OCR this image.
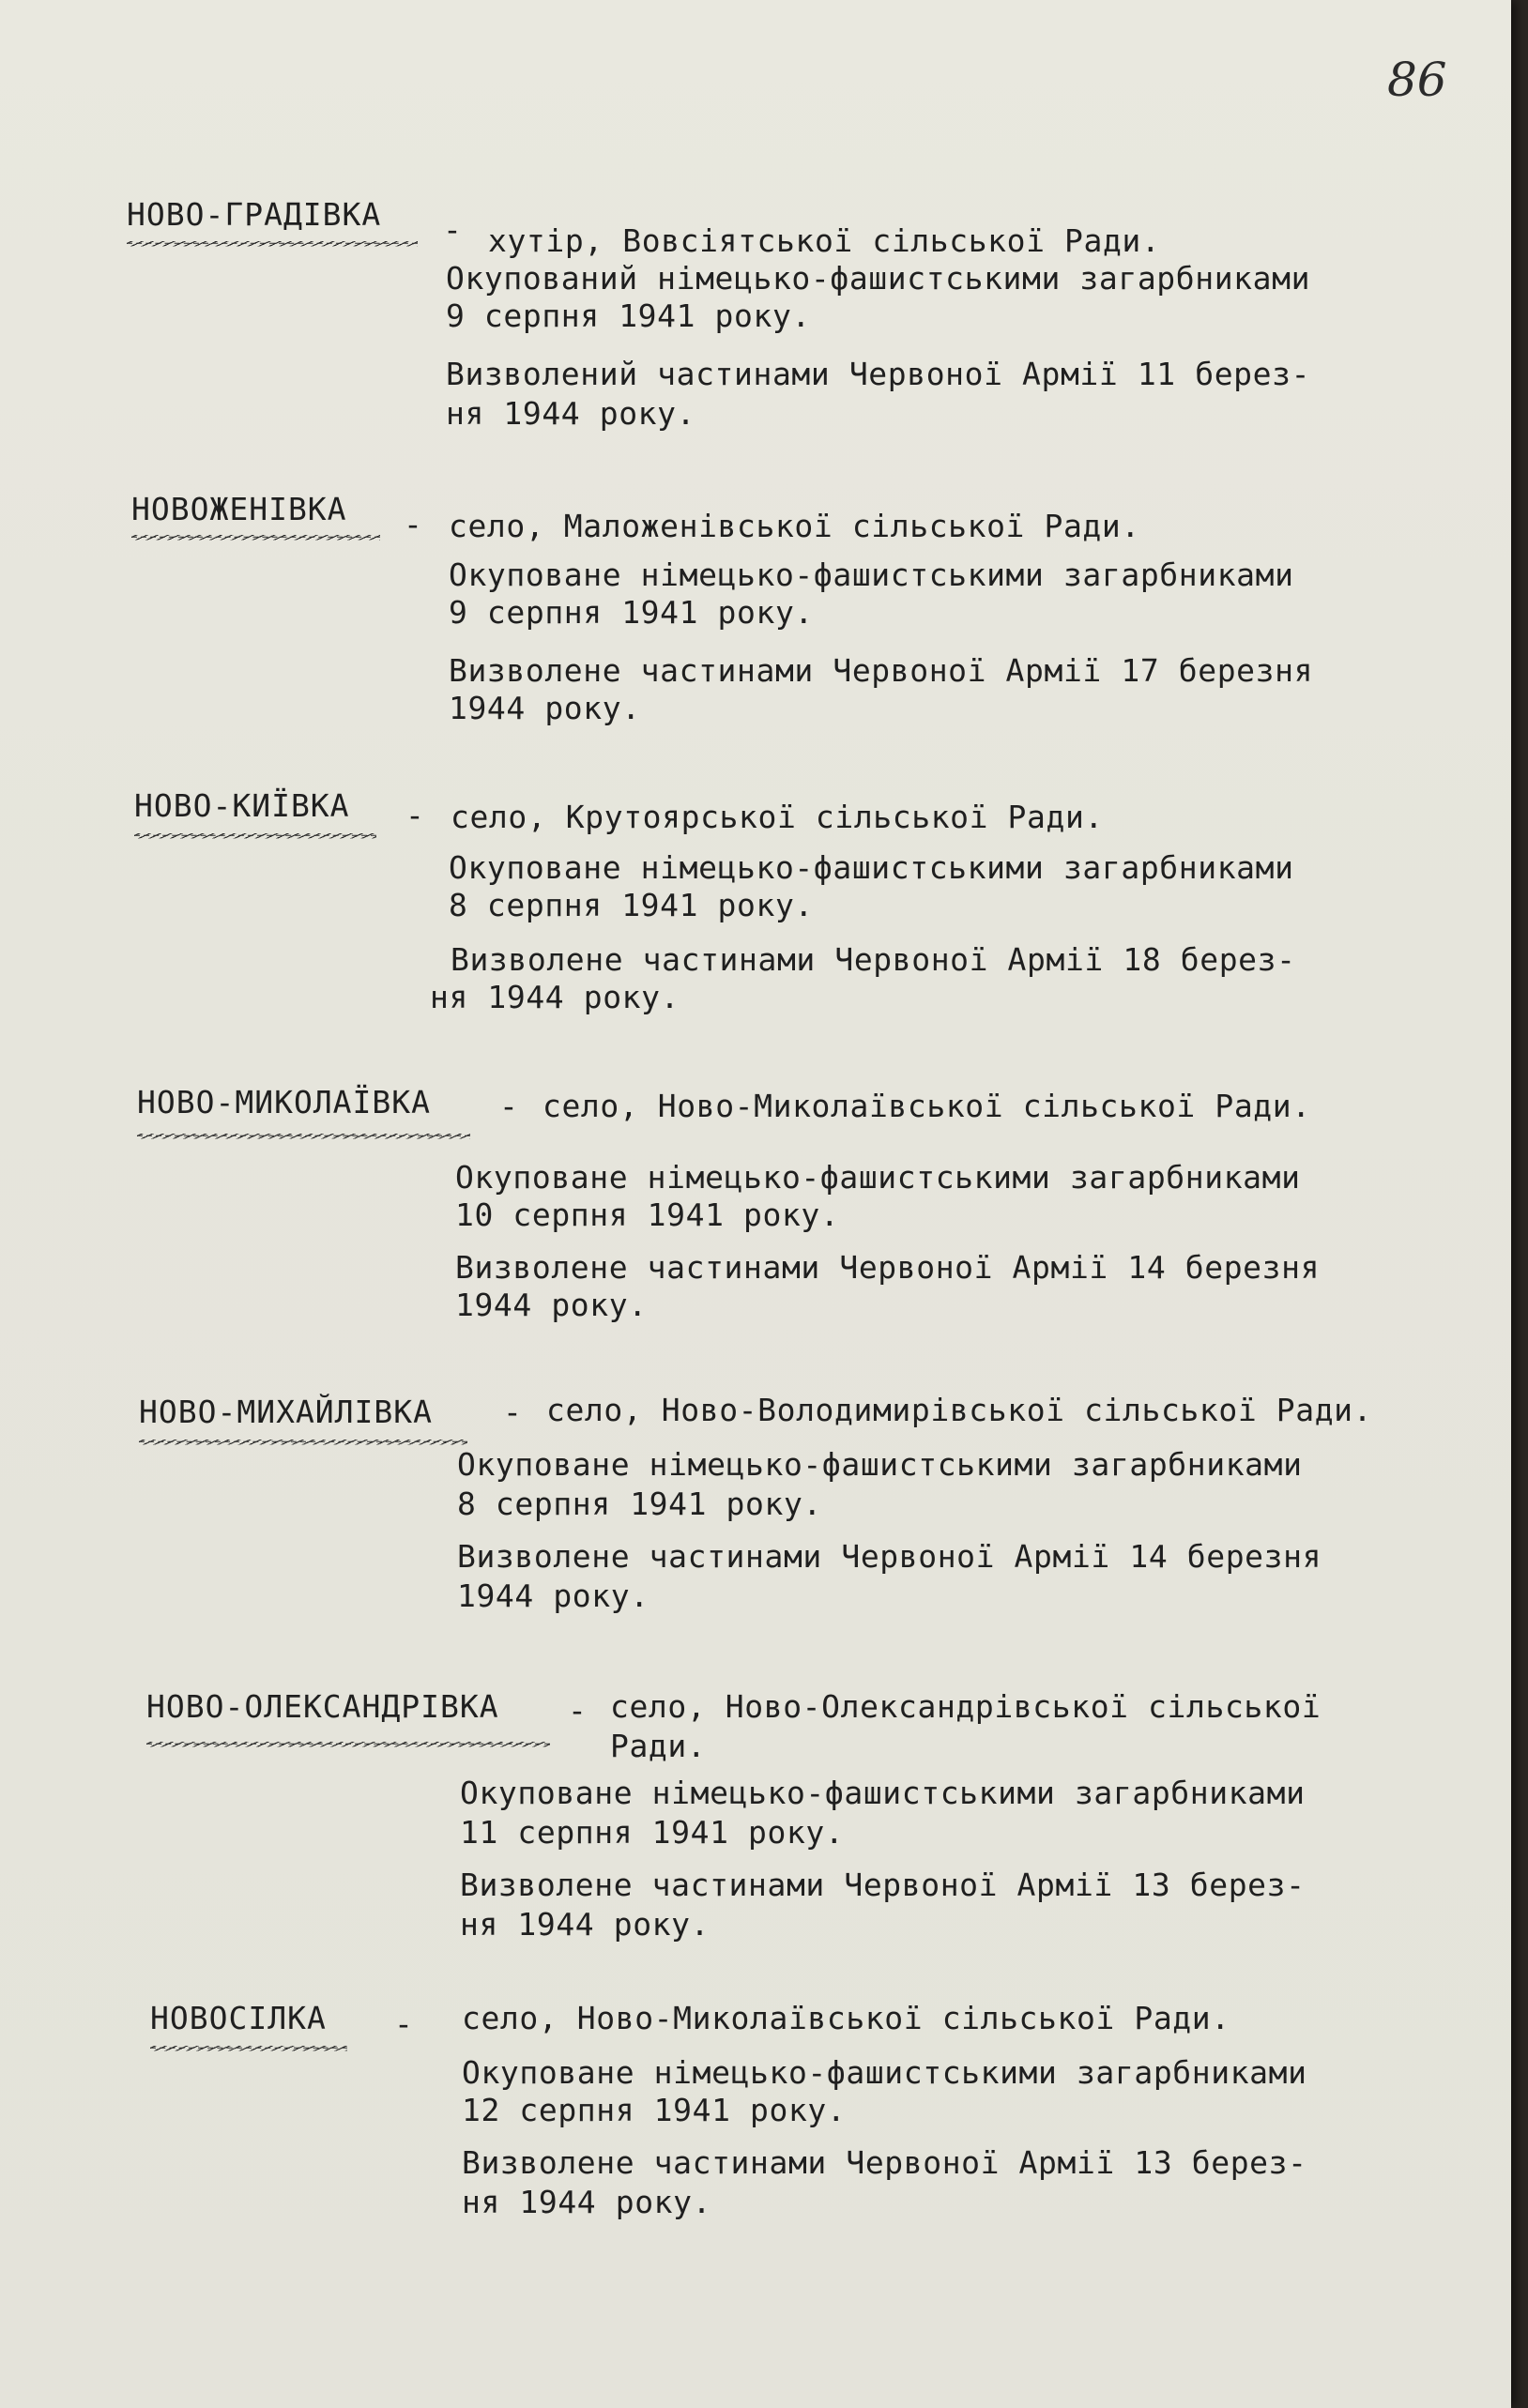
86
НОВО-ГРАДІВКА - хутір, Вовсіятської сільської Ради.
Окупований німецько-фашистськими загарбниками
9 серпня 1941 року.
Визволений частинами Червоної Армії 11 берез-
ня 1944 року.
НОВОЖЕНІВКА - село, Маложенівської сільської Ради.
Окуповане німецько-фашистськими загарбниками
9 серпня 1941 року.
Визволене частинами Червоної Армії 17 березня
1944 року.
НОВО-КИЇВКА - село, Крутоярської сільської Ради.
Окуповане німецько-фашистськими загарбниками
8 серпня 1941 року.
Визволене частинами Червоної Армії 18 берез-
ня 1944 року.
НОВО-МИКОЛАЇВКА - село, Ново-Миколаївської сільської Ради.
Окуповане німецько-фашистськими загарбниками
10 серпня 1941 року.
Визволене частинами Червоної Армії 14 березня
1944 року.
НОВО-МИХАЙЛІВКА - село, Ново-Володимирівської сільської Ради.
Окуповане німецько-фашистськими загарбниками
8 серпня 1941 року.
Визволене частинами Червоної Армії 14 березня
1944 року.
НОВО-ОЛЕКСАНДРІВКА - село, Ново-Олександрівської сільської
Ради.
Окуповане німецько-фашистськими загарбниками
11 серпня 1941 року.
Визволене частинами Червоної Армії 13 берез-
ня 1944 року.
НОВОСІЛКА - село, Ново-Миколаївської сільської Ради.
Окуповане німецько-фашистськими загарбниками
12 серпня 1941 року.
Визволене частинами Червоної Армії 13 берез-
ня 1944 року.
